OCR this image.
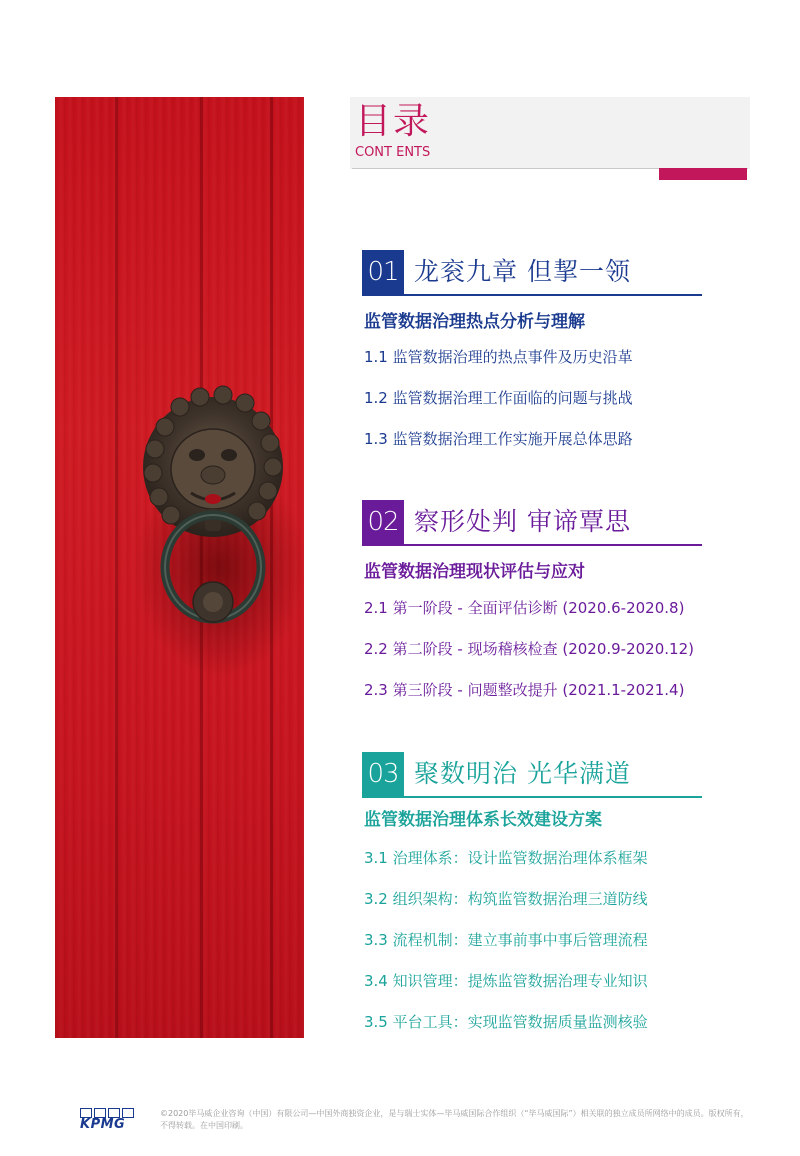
目录
CONT ENTS
01 龙衮九章 但挈一领
监管数据治理热点分析与理解
1.1 监管数据治理的热点事件及历史沿革
1.2 监管数据治理工作面临的问题与挑战
1.3 监管数据治理工作实施开展总体思路
02 察形处判 审谛覃思
监管数据治理现状评估与应对
2.1 第一阶段 - 全面评估诊断 (2020.6-2020.8)
2.2 第二阶段 - 现场稽核检查 (2020.9-2020.12)
2.3 第三阶段 - 问题整改提升 (2021.1-2021.4)
03 聚数明治 光华满道
监管数据治理体系长效建设方案
3.1 治理体系：设计监管数据治理体系框架
3.2 组织架构：构筑监管数据治理三道防线
3.3 流程机制：建立事前事中事后管理流程
3.4 知识管理：提炼监管数据治理专业知识
3.5 平台工具：实现监管数据质量监测核验
KPMG
©2020毕马威企业咨询（中国）有限公司—中国外商独资企业，是与瑞士实体—毕马威国际合作组织（“毕马威国际”）相关联的独立成员所网络中的成员。版权所有，不得转载。在中国印刷。
